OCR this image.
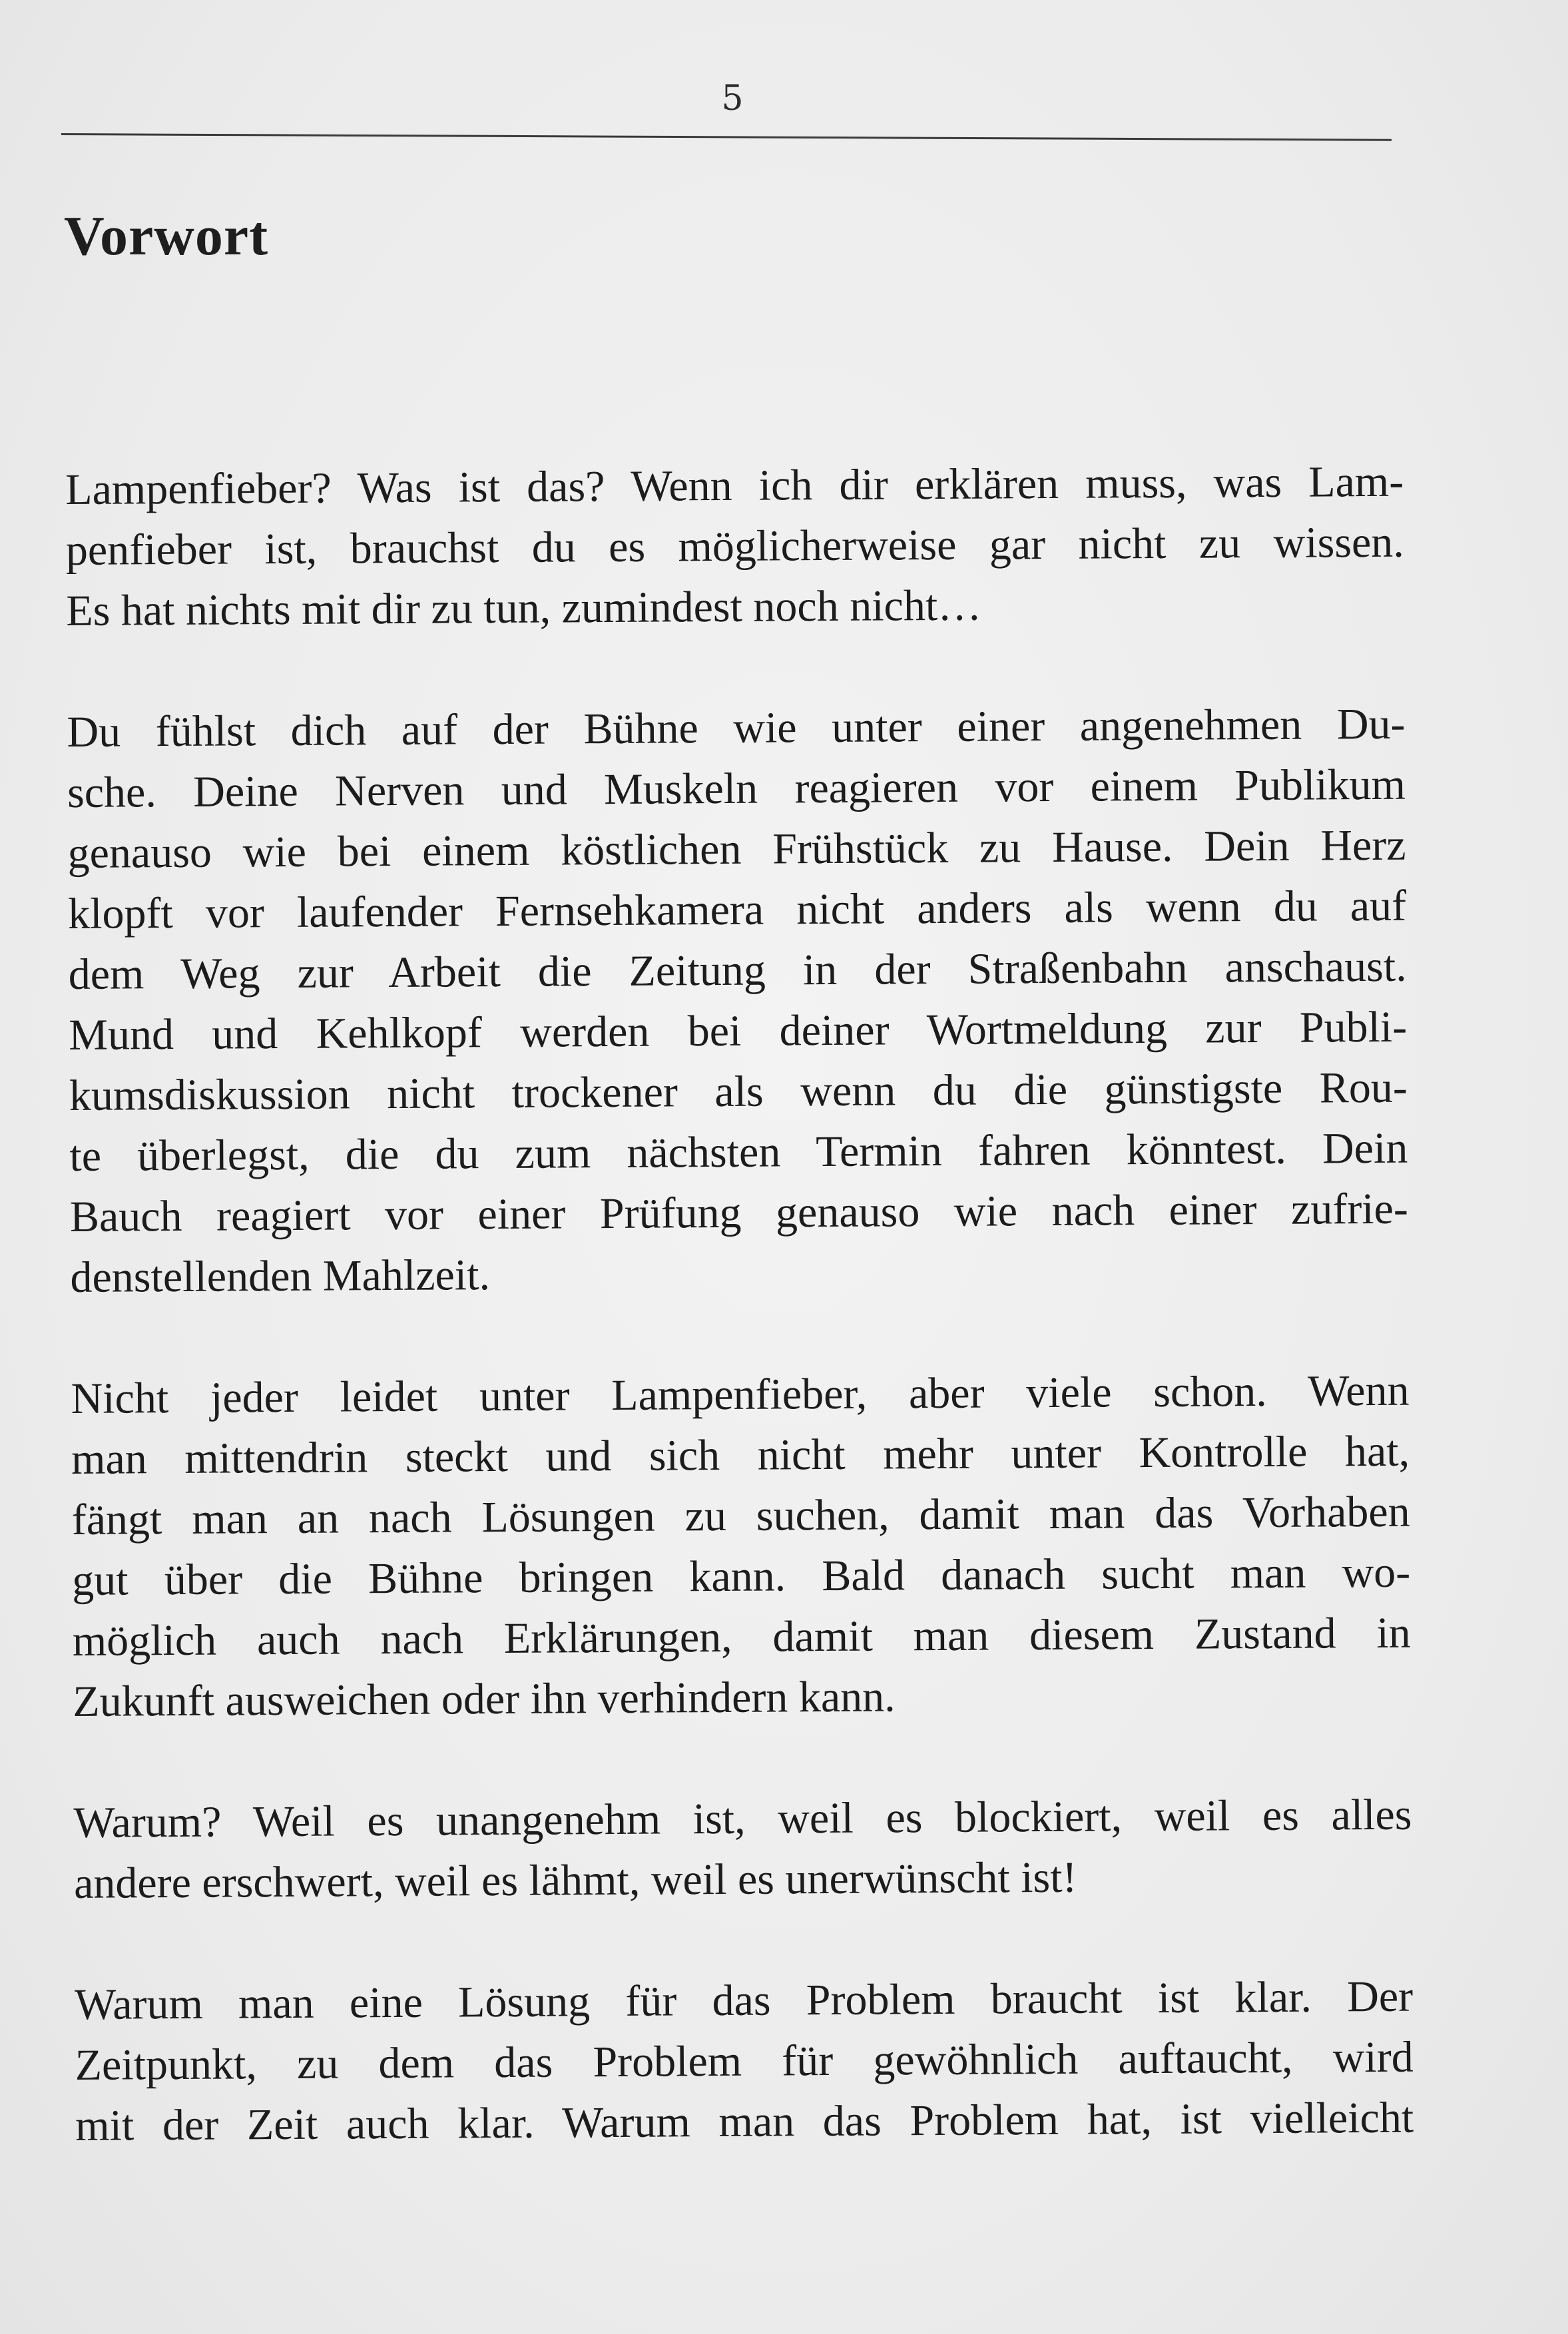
5
Vorwort
Lampenfieber? Was ist das? Wenn ich dir erklären muss, was Lam-
penfieber ist, brauchst du es möglicherweise gar nicht zu wissen.
Es hat nichts mit dir zu tun, zumindest noch nicht…
Du fühlst dich auf der Bühne wie unter einer angenehmen Du-
sche. Deine Nerven und Muskeln reagieren vor einem Publikum
genauso wie bei einem köstlichen Frühstück zu Hause. Dein Herz
klopft vor laufender Fernsehkamera nicht anders als wenn du auf
dem Weg zur Arbeit die Zeitung in der Straßenbahn anschaust.
Mund und Kehlkopf werden bei deiner Wortmeldung zur Publi-
kumsdiskussion nicht trockener als wenn du die günstigste Rou-
te überlegst, die du zum nächsten Termin fahren könntest. Dein
Bauch reagiert vor einer Prüfung genauso wie nach einer zufrie-
denstellenden Mahlzeit.
Nicht jeder leidet unter Lampenfieber, aber viele schon. Wenn
man mittendrin steckt und sich nicht mehr unter Kontrolle hat,
fängt man an nach Lösungen zu suchen, damit man das Vorhaben
gut über die Bühne bringen kann. Bald danach sucht man wo-
möglich auch nach Erklärungen, damit man diesem Zustand in
Zukunft ausweichen oder ihn verhindern kann.
Warum? Weil es unangenehm ist, weil es blockiert, weil es alles
andere erschwert, weil es lähmt, weil es unerwünscht ist!
Warum man eine Lösung für das Problem braucht ist klar. Der
Zeitpunkt, zu dem das Problem für gewöhnlich auftaucht, wird
mit der Zeit auch klar. Warum man das Problem hat, ist vielleicht
